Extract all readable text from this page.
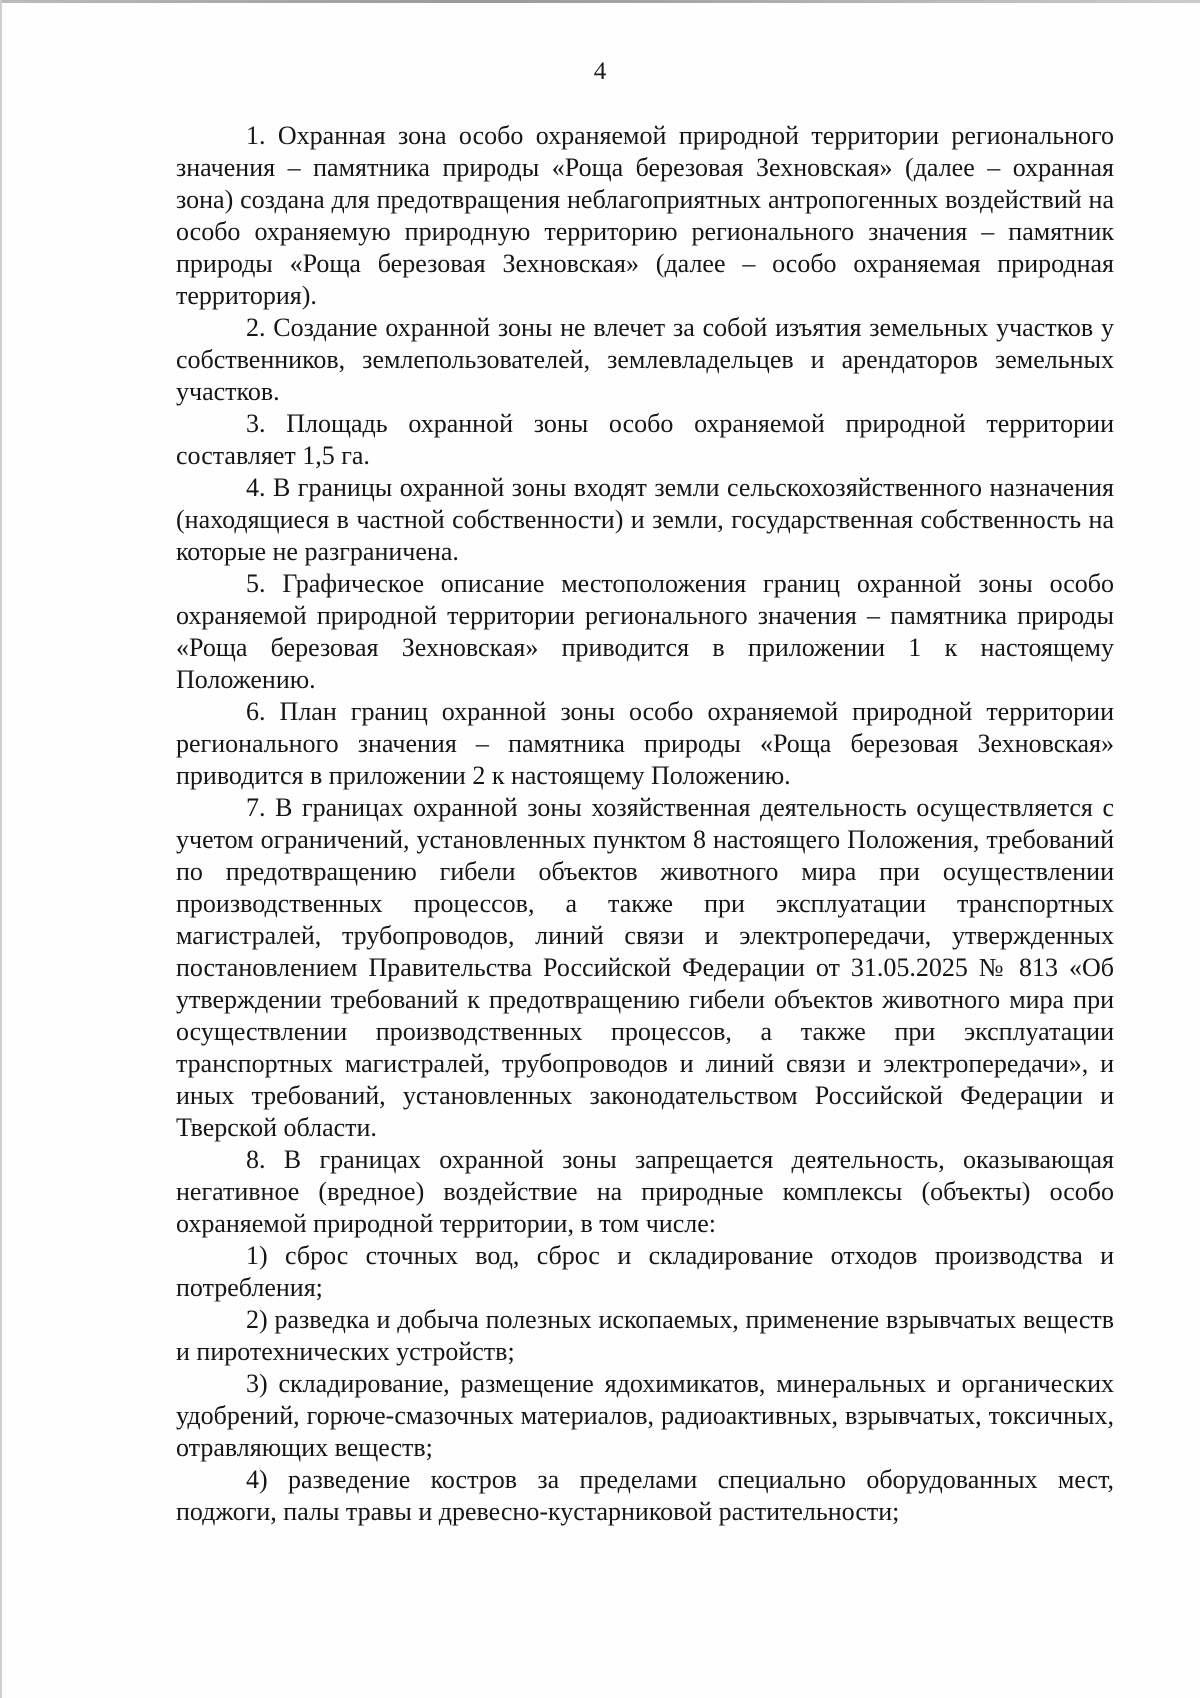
4

1. Охранная зона особо охраняемой природной территории регионального значения – памятника природы «Роща березовая Зехновская» (далее – охранная зона) создана для предотвращения неблагоприятных антропогенных воздействий на особо охраняемую природную территорию регионального значения – памятник природы «Роща березовая Зехновская» (далее – особо охраняемая природная территория).

2. Создание охранной зоны не влечет за собой изъятия земельных участков у собственников, землепользователей, землевладельцев и арендаторов земельных участков.

3. Площадь охранной зоны особо охраняемой природной территории составляет 1,5 га.

4. В границы охранной зоны входят земли сельскохозяйственного назначения (находящиеся в частной собственности) и земли, государственная собственность на которые не разграничена.

5. Графическое описание местоположения границ охранной зоны особо охраняемой природной территории регионального значения – памятника природы «Роща березовая Зехновская» приводится в приложении 1 к настоящему Положению.

6. План границ охранной зоны особо охраняемой природной территории регионального значения – памятника природы «Роща березовая Зехновская» приводится в приложении 2 к настоящему Положению.

7. В границах охранной зоны хозяйственная деятельность осуществляется с учетом ограничений, установленных пунктом 8 настоящего Положения, требований по предотвращению гибели объектов животного мира при осуществлении производственных процессов, а также при эксплуатации транспортных магистралей, трубопроводов, линий связи и электропередачи, утвержденных постановлением Правительства Российской Федерации от 31.05.2025 № 813 «Об утверждении требований к предотвращению гибели объектов животного мира при осуществлении производственных процессов, а также при эксплуатации транспортных магистралей, трубопроводов и линий связи и электропередачи», и иных требований, установленных законодательством Российской Федерации и Тверской области.

8. В границах охранной зоны запрещается деятельность, оказывающая негативное (вредное) воздействие на природные комплексы (объекты) особо охраняемой природной территории, в том числе:

1) сброс сточных вод, сброс и складирование отходов производства и потребления;

2) разведка и добыча полезных ископаемых, применение взрывчатых веществ и пиротехнических устройств;

3) складирование, размещение ядохимикатов, минеральных и органических удобрений, горюче-смазочных материалов, радиоактивных, взрывчатых, токсичных, отравляющих веществ;

4) разведение костров за пределами специально оборудованных мест, поджоги, палы травы и древесно-кустарниковой растительности;
